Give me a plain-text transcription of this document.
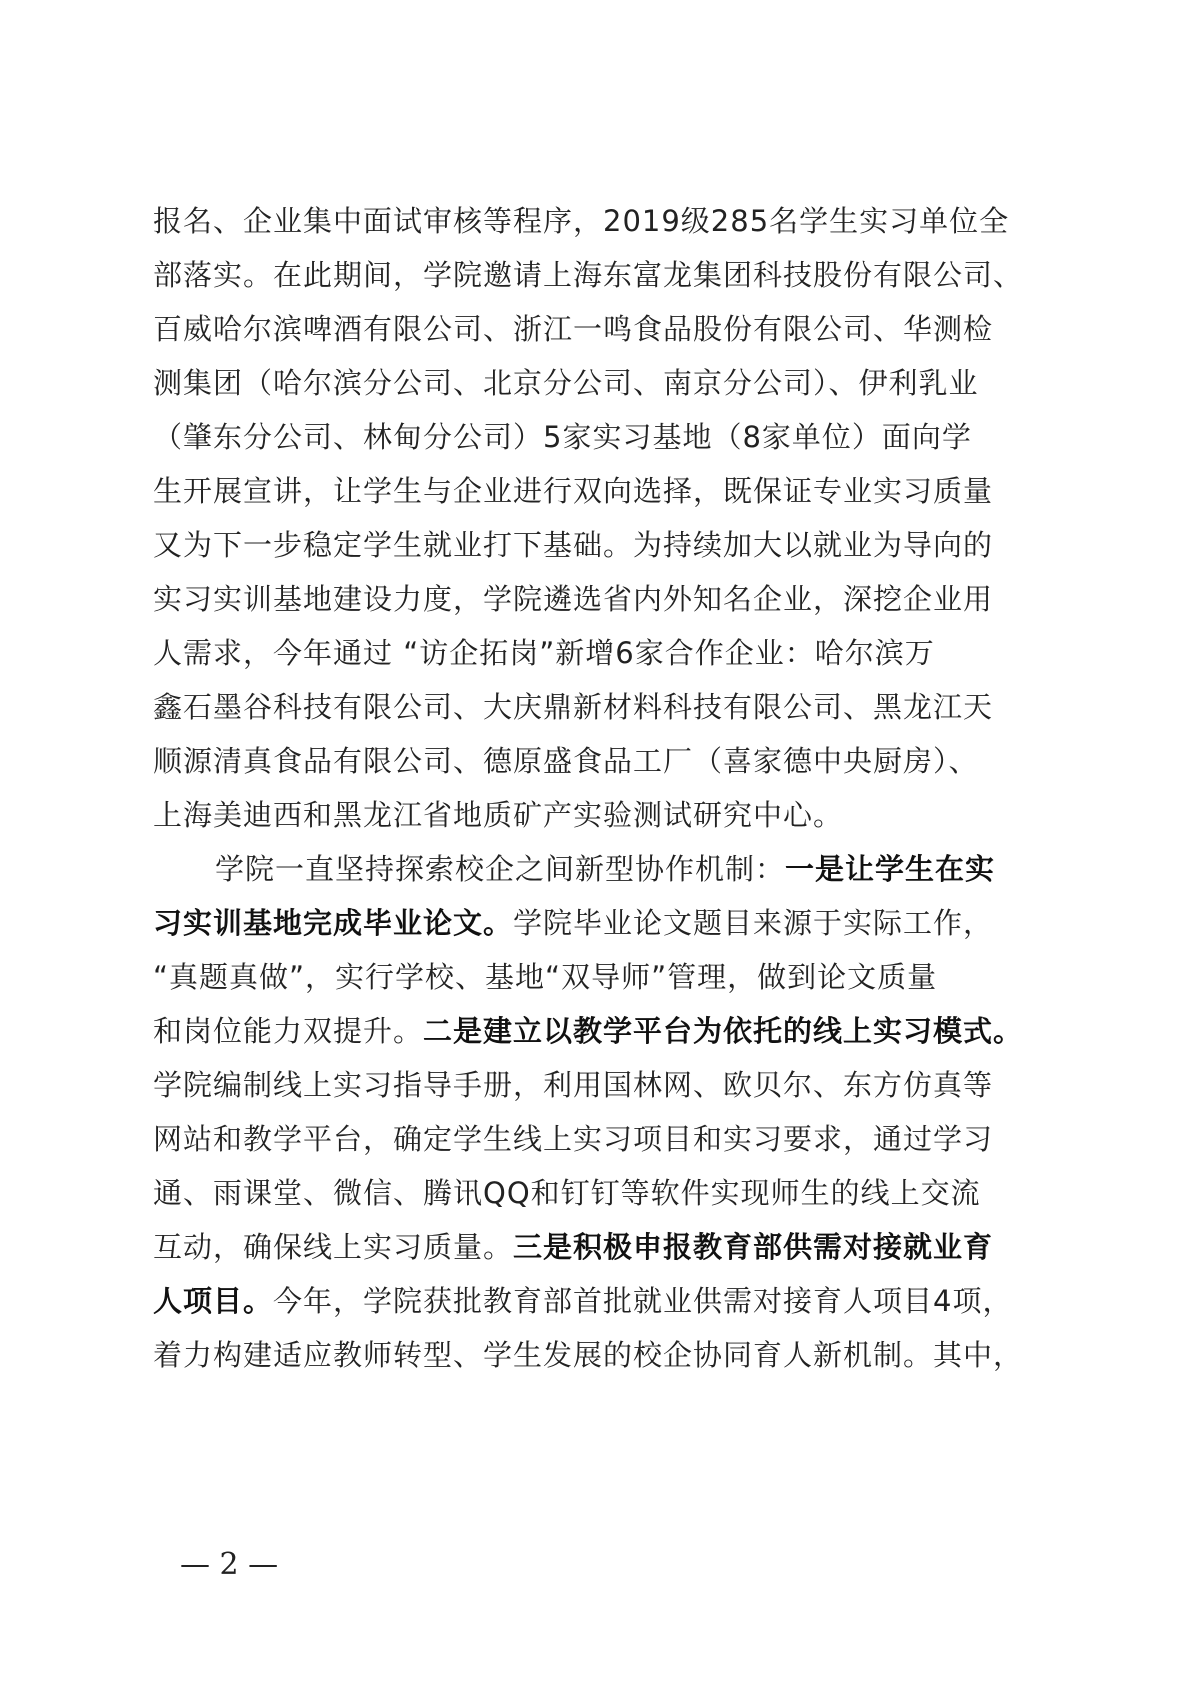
报名、企业集中面试审核等程序，2019级285名学生实习单位全
部落实。在此期间，学院邀请上海东富龙集团科技股份有限公司、
百威哈尔滨啤酒有限公司、浙江一鸣食品股份有限公司、华测检
测集团（哈尔滨分公司、北京分公司、南京分公司）、伊利乳业
（肇东分公司、林甸分公司）5家实习基地（8家单位）面向学
生开展宣讲，让学生与企业进行双向选择，既保证专业实习质量
又为下一步稳定学生就业打下基础。为持续加大以就业为导向的
实习实训基地建设力度，学院遴选省内外知名企业，深挖企业用
人需求，今年通过 “访企拓岗”新增6家合作企业：哈尔滨万
鑫石墨谷科技有限公司、大庆鼎新材料科技有限公司、黑龙江天
顺源清真食品有限公司、德原盛食品工厂（喜家德中央厨房）、
上海美迪西和黑龙江省地质矿产实验测试研究中心。
学院一直坚持探索校企之间新型协作机制：一是让学生在实
习实训基地完成毕业论文。学院毕业论文题目来源于实际工作，
“真题真做”，实行学校、基地“双导师”管理，做到论文质量
和岗位能力双提升。二是建立以教学平台为依托的线上实习模式。
学院编制线上实习指导手册，利用国林网、欧贝尔、东方仿真等
网站和教学平台，确定学生线上实习项目和实习要求，通过学习
通、雨课堂、微信、腾讯QQ和钉钉等软件实现师生的线上交流
互动，确保线上实习质量。三是积极申报教育部供需对接就业育
人项目。今年，学院获批教育部首批就业供需对接育人项目4项，
着力构建适应教师转型、学生发展的校企协同育人新机制。其中，
— 2 —
